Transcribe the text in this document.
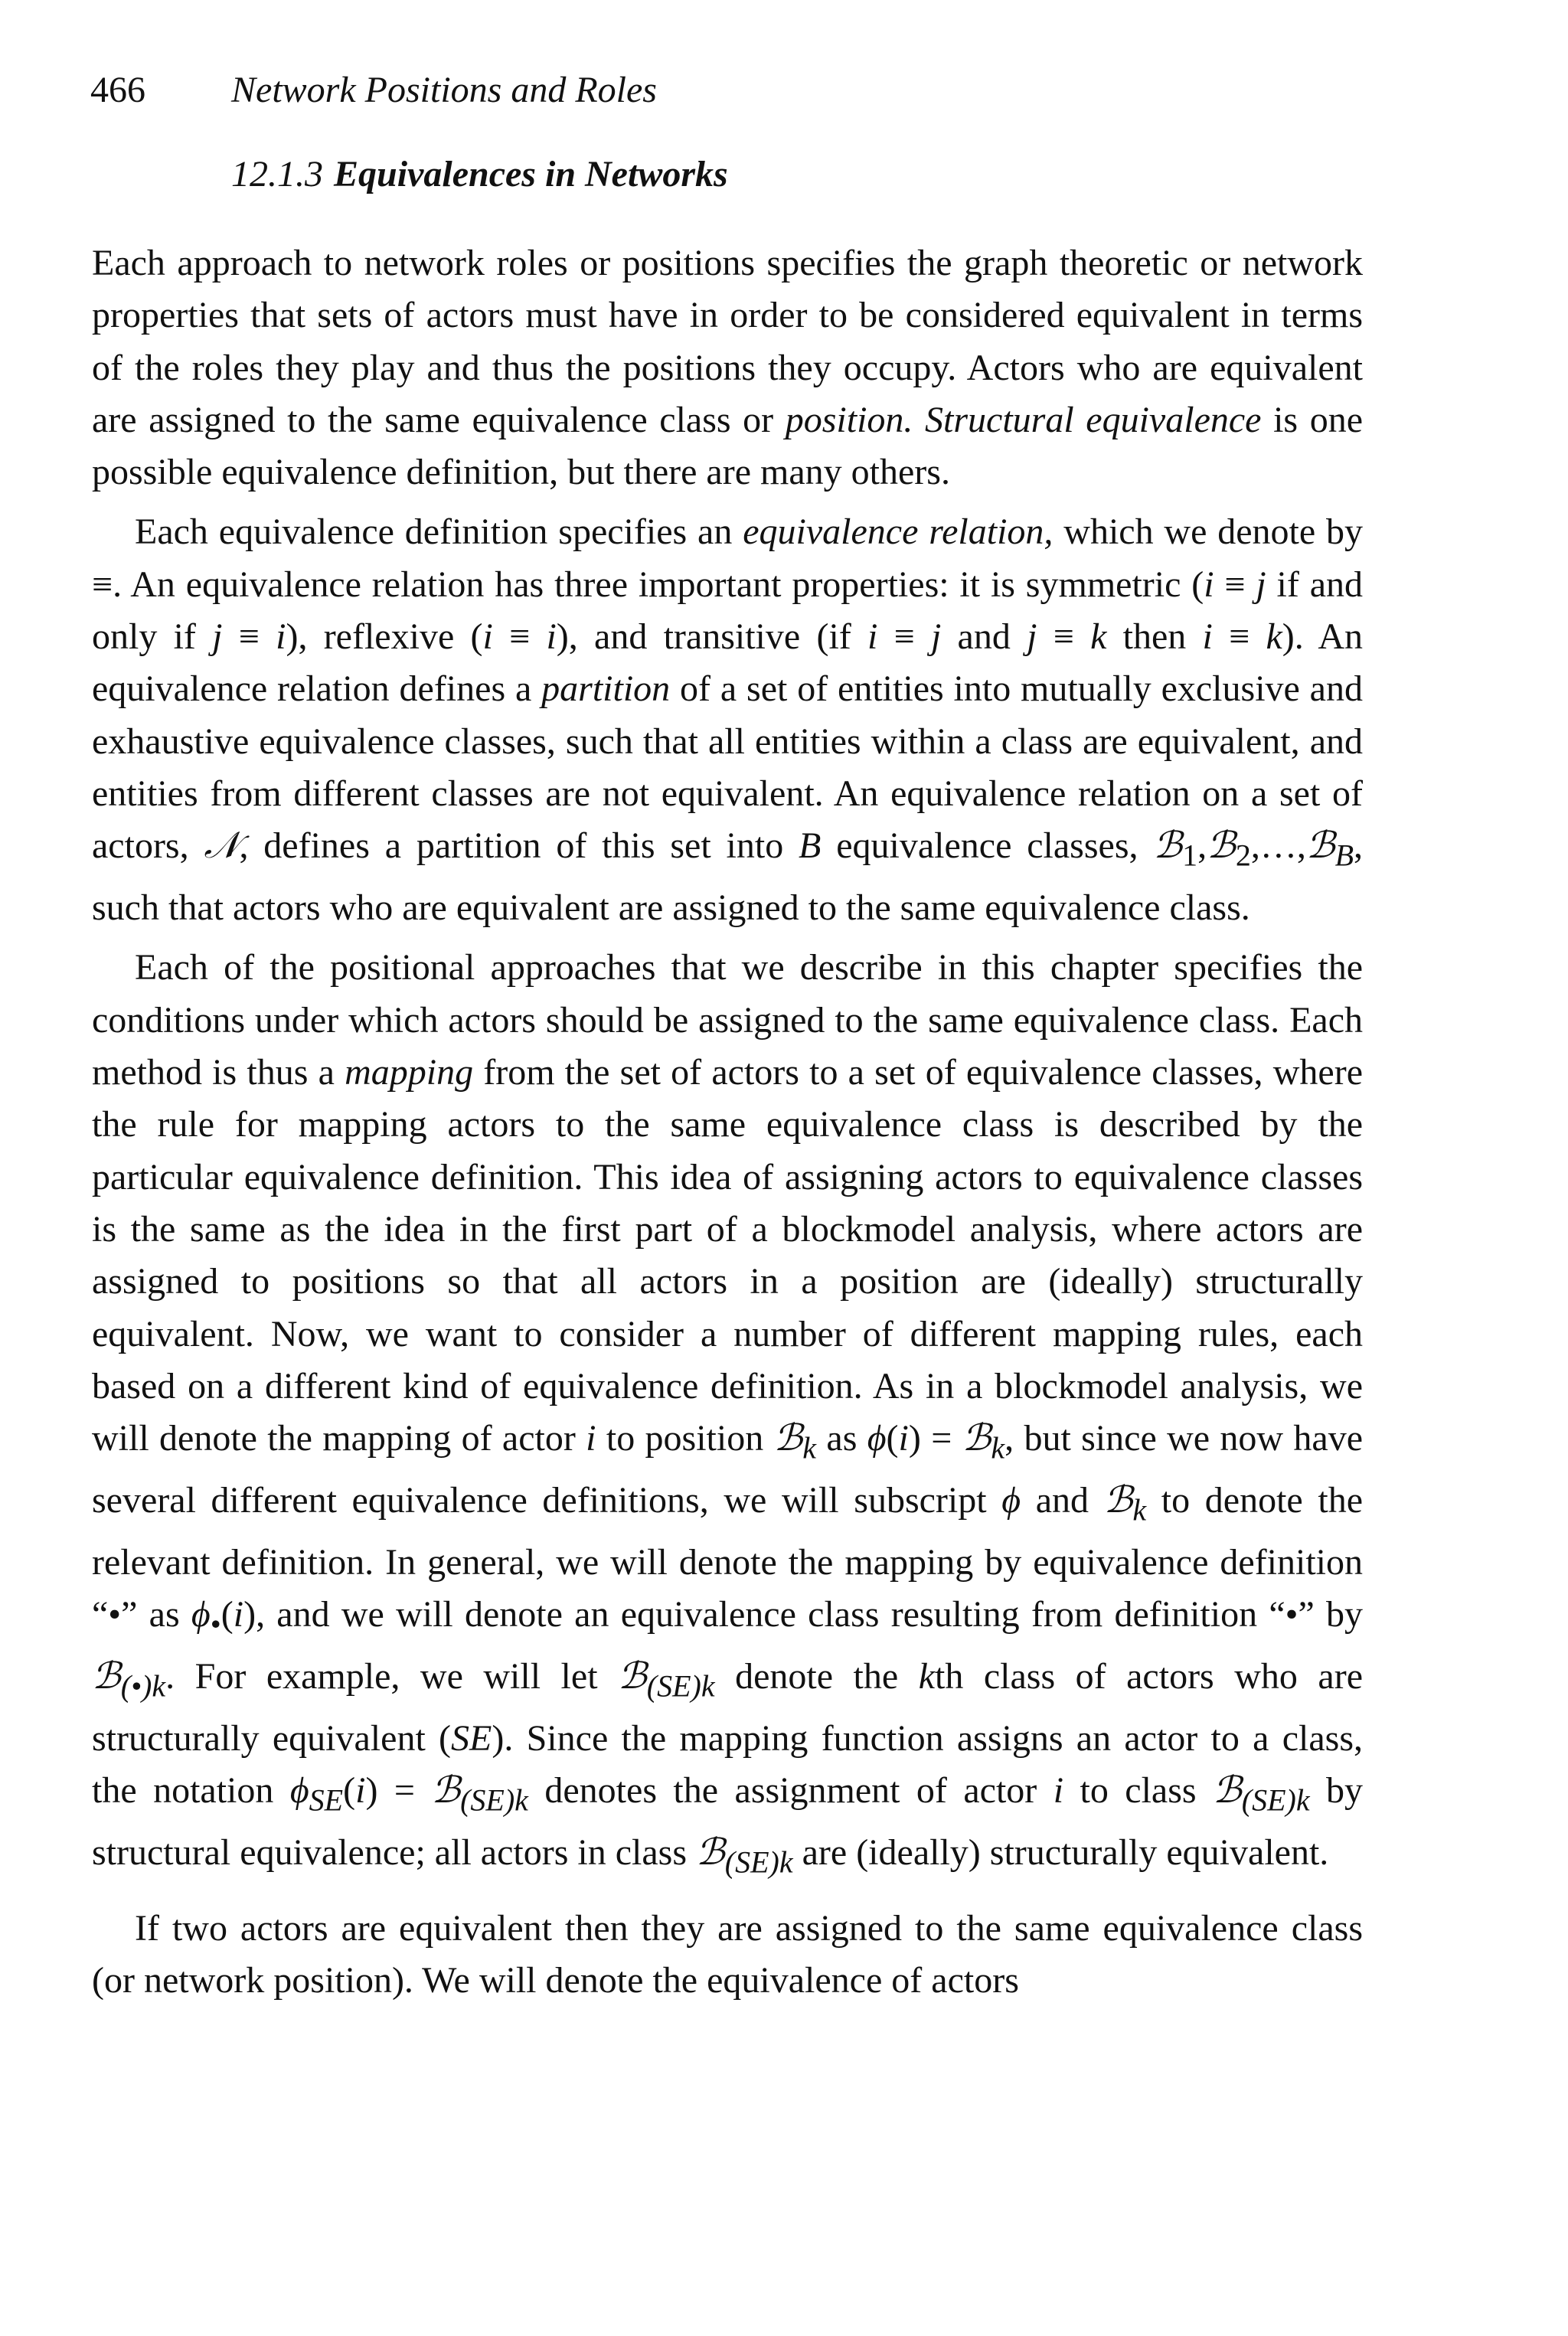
466 Network Positions and Roles
12.1.3 Equivalences in Networks

Each approach to network roles or positions specifies the graph theoretic or network properties that sets of actors must have in order to be considered equivalent in terms of the roles they play and thus the positions they occupy. Actors who are equivalent are assigned to the same equivalence class or position. Structural equivalence is one possible equivalence definition, but there are many others.

Each equivalence definition specifies an equivalence relation, which we denote by ≡. An equivalence relation has three important properties: it is symmetric (i ≡ j if and only if j ≡ i), reflexive (i ≡ i), and transitive (if i ≡ j and j ≡ k then i ≡ k). An equivalence relation defines a partition of a set of entities into mutually exclusive and exhaustive equivalence classes, such that all entities within a class are equivalent, and entities from different classes are not equivalent. An equivalence relation on a set of actors, 𝒩, defines a partition of this set into B equivalence classes, ℬ$_1$,ℬ$_2$,…,ℬ$_B$, such that actors who are equivalent are assigned to the same equivalence class.

Each of the positional approaches that we describe in this chapter specifies the conditions under which actors should be assigned to the same equivalence class. Each method is thus a mapping from the set of actors to a set of equivalence classes, where the rule for mapping actors to the same equivalence class is described by the particular equivalence definition. This idea of assigning actors to equivalence classes is the same as the idea in the first part of a blockmodel analysis, where actors are assigned to positions so that all actors in a position are (ideally) structurally equivalent. Now, we want to consider a number of different mapping rules, each based on a different kind of equivalence definition. As in a blockmodel analysis, we will denote the mapping of actor i to position ℬ$_k$ as ϕ(i) = ℬ$_k$, but since we now have several different equivalence definitions, we will subscript ϕ and ℬ$_k$ to denote the relevant definition. In general, we will denote the mapping by equivalence definition “•” as $\phi_•(i)$, and we will denote an equivalence class resulting from definition “•” by ℬ$_{(•)k}$. For example, we will let ℬ$_{(SE)k}$ denote the kth class of actors who are structurally equivalent (SE). Since the mapping function assigns an actor to a class, the notation $\phi_{SE}(i)$ = ℬ$_{(SE)k}$ denotes the assignment of actor i to class ℬ$_{(SE)k}$ by structural equivalence; all actors in class ℬ$_{(SE)k}$ are (ideally) structurally equivalent.

If two actors are equivalent then they are assigned to the same equivalence class (or network position). We will denote the equivalence of actors
